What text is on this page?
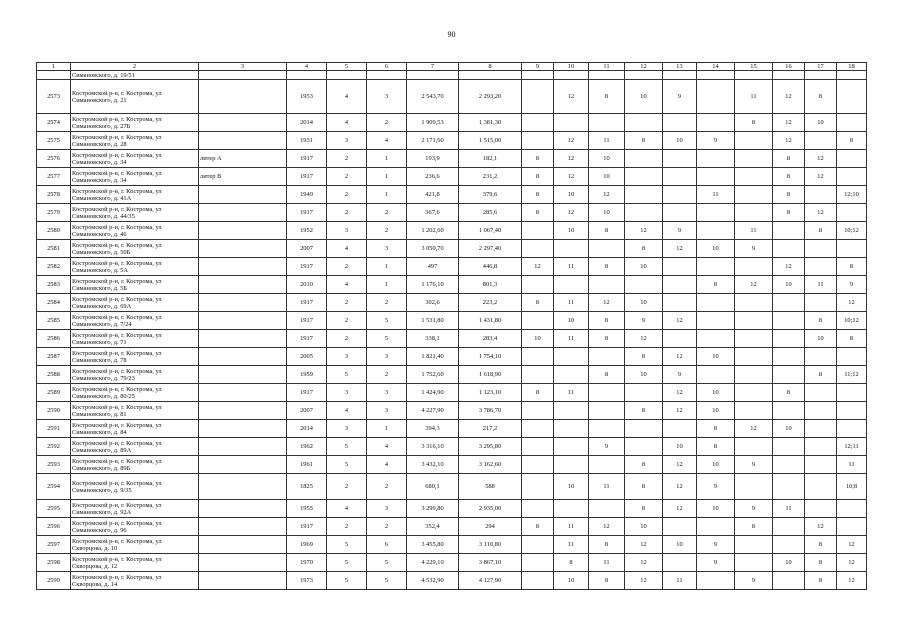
90
1	2	3	4	5	6	7	8	9	10	11	12	13	14	15	16	17	18
	Симановского, д. 19/51																
2573	Костромской р-н, г. Кострома, ул
Симановского, д. 21		1953	4	3	2 543,70	2 293,20		12	8	10	9		11	12	8	
2574	Костромской р-н, г. Кострома, ул
Симановского, д. 27Б		2014	4	2	1 909,53	1 381,30							8	12	10	
2575	Костромской р-н, г. Кострома, ул
Симановского, д. 28		1931	3	4	2 171,60	1 515,00		12	11	8	10	9		12		8
2576	Костромской р-н, г. Кострома, ул
Симановского, д. 34	литер А	1917	2	1	193,9	182,1	8	12	10					8	12	
2577	Костромской р-н, г. Кострома, ул
Симановского, д. 34	литер В	1917	2	1	236,6	231,2	8	12	10					8	12	
2578	Костромской р-н, г. Кострома, ул
Симановского, д. 41А		1949	2	1	421,8	379,6	8	10	12			11		8		12;10
2579	Костромской р-н, г. Кострома, ул
Симановского, д. 44/35		1917	2	2	367,6	285,6	8	12	10					8	12	
2580	Костромской р-н, г. Кострома, ул
Симановского, д. 46		1952	3	2	1 202,60	1 067,40		10	8	12	9		11		8	10;12
2581	Костромской р-н, г. Кострома, ул
Симановского, д. 50Б		2007	4	3	3 050,70	2 297,40				8	12	10	9			
2582	Костромской р-н, г. Кострома, ул
Симановского, д. 5А		1917	2	1	497	446,8	12	11	8	10				12		8
2583	Костромской р-н, г. Кострома, ул
Симановского, д. 5Б		2010	4	1	1 176,10	801,3						8	12	10	11	9
2584	Костромской р-н, г. Кострома, ул
Симановского, д. 69А		1917	2	2	302,6	223,2	8	11	12	10						12
2585	Костромской р-н, г. Кострома, ул
Симановского, д. 7/24		1917	2	5	1 531,80	1 431,80		10	8	9	12				8	10;12
2586	Костромской р-н, г. Кострома, ул
Симановского, д. 71		1917	2	5	338,1	283,4	10	11	8	12					10	8
2587	Костромской р-н, г. Кострома, ул
Симановского, д. 78		2005	3	3	1 821,40	1 754,10				8	12	10				
2588	Костромской р-н, г. Кострома, ул
Симановского, д. 79/23		1959	5	2	1 752,60	1 618,90			8	10	9				8	11;12
2589	Костромской р-н, г. Кострома, ул
Симановского, д. 80/25		1917	3	3	1 424,90	1 123,10	8	11			12	10		8		
2590	Костромской р-н, г. Кострома, ул
Симановского, д. 81		2007	4	3	4 227,90	3 786,70				8	12	10				
2591	Костромской р-н, г. Кострома, ул
Симановского, д. 84		2014	3	1	394,3	217,2						8	12	10		
2592	Костромской р-н, г. Кострома, ул
Симановского, д. 89А		1962	5	4	3 316,10	3 295,80			9		10	8				12;11
2593	Костромской р-н, г. Кострома, ул
Симановского, д. 89Б		1961	5	4	3 432,10	3 162,60				8	12	10	9			11
2594	Костромской р-н, г. Кострома, ул
Симановского, д. 9/35		1825	2	2	680,1	588		10	11	8	12	9				10;8
2595	Костромской р-н, г. Кострома, ул
Симановского, д. 92А		1955	4	3	3 299,80	2 935,00				8	12	10	9	11		
2596	Костромской р-н, г. Кострома, ул
Симановского, д. 96		1917	2	2	352,4	294	8	11	12	10			8		12	
2597	Костромской р-н, г. Кострома, ул
Скворцова, д. 10		1969	5	6	3 455,80	3 110,80		11	8	12	10	9			8	12
2598	Костромской р-н, г. Кострома, ул
Скворцова, д. 12		1970	5	5	4 229,10	3 867,10		8	11	12		9		10	8	12
2599	Костромской р-н, г. Кострома, ул
Скворцова, д. 14		1973	5	5	4 532,90	4 127,90		10	8	12	11		9		8	12
